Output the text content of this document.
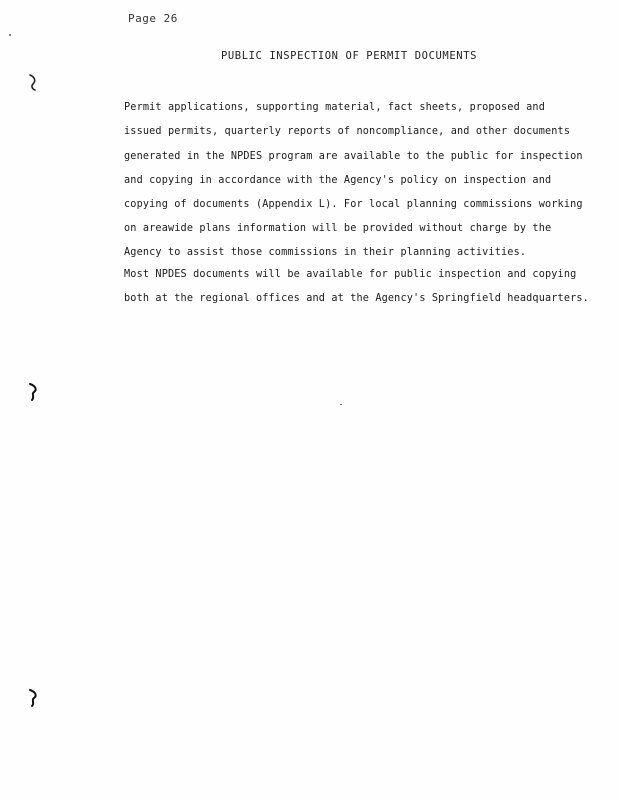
Page 26
PUBLIC INSPECTION OF PERMIT DOCUMENTS
Permit applications, supporting material, fact sheets, proposed and
issued permits, quarterly reports of noncompliance, and other documents
generated in the NPDES program are available to the public for inspection
and copying in accordance with the Agency's policy on inspection and
copying of documents (Appendix L). For local planning commissions working
on areawide plans information will be provided without charge by the
Agency to assist those commissions in their planning activities.
Most NPDES documents will be available for public inspection and copying
both at the regional offices and at the Agency's Springfield headquarters.
